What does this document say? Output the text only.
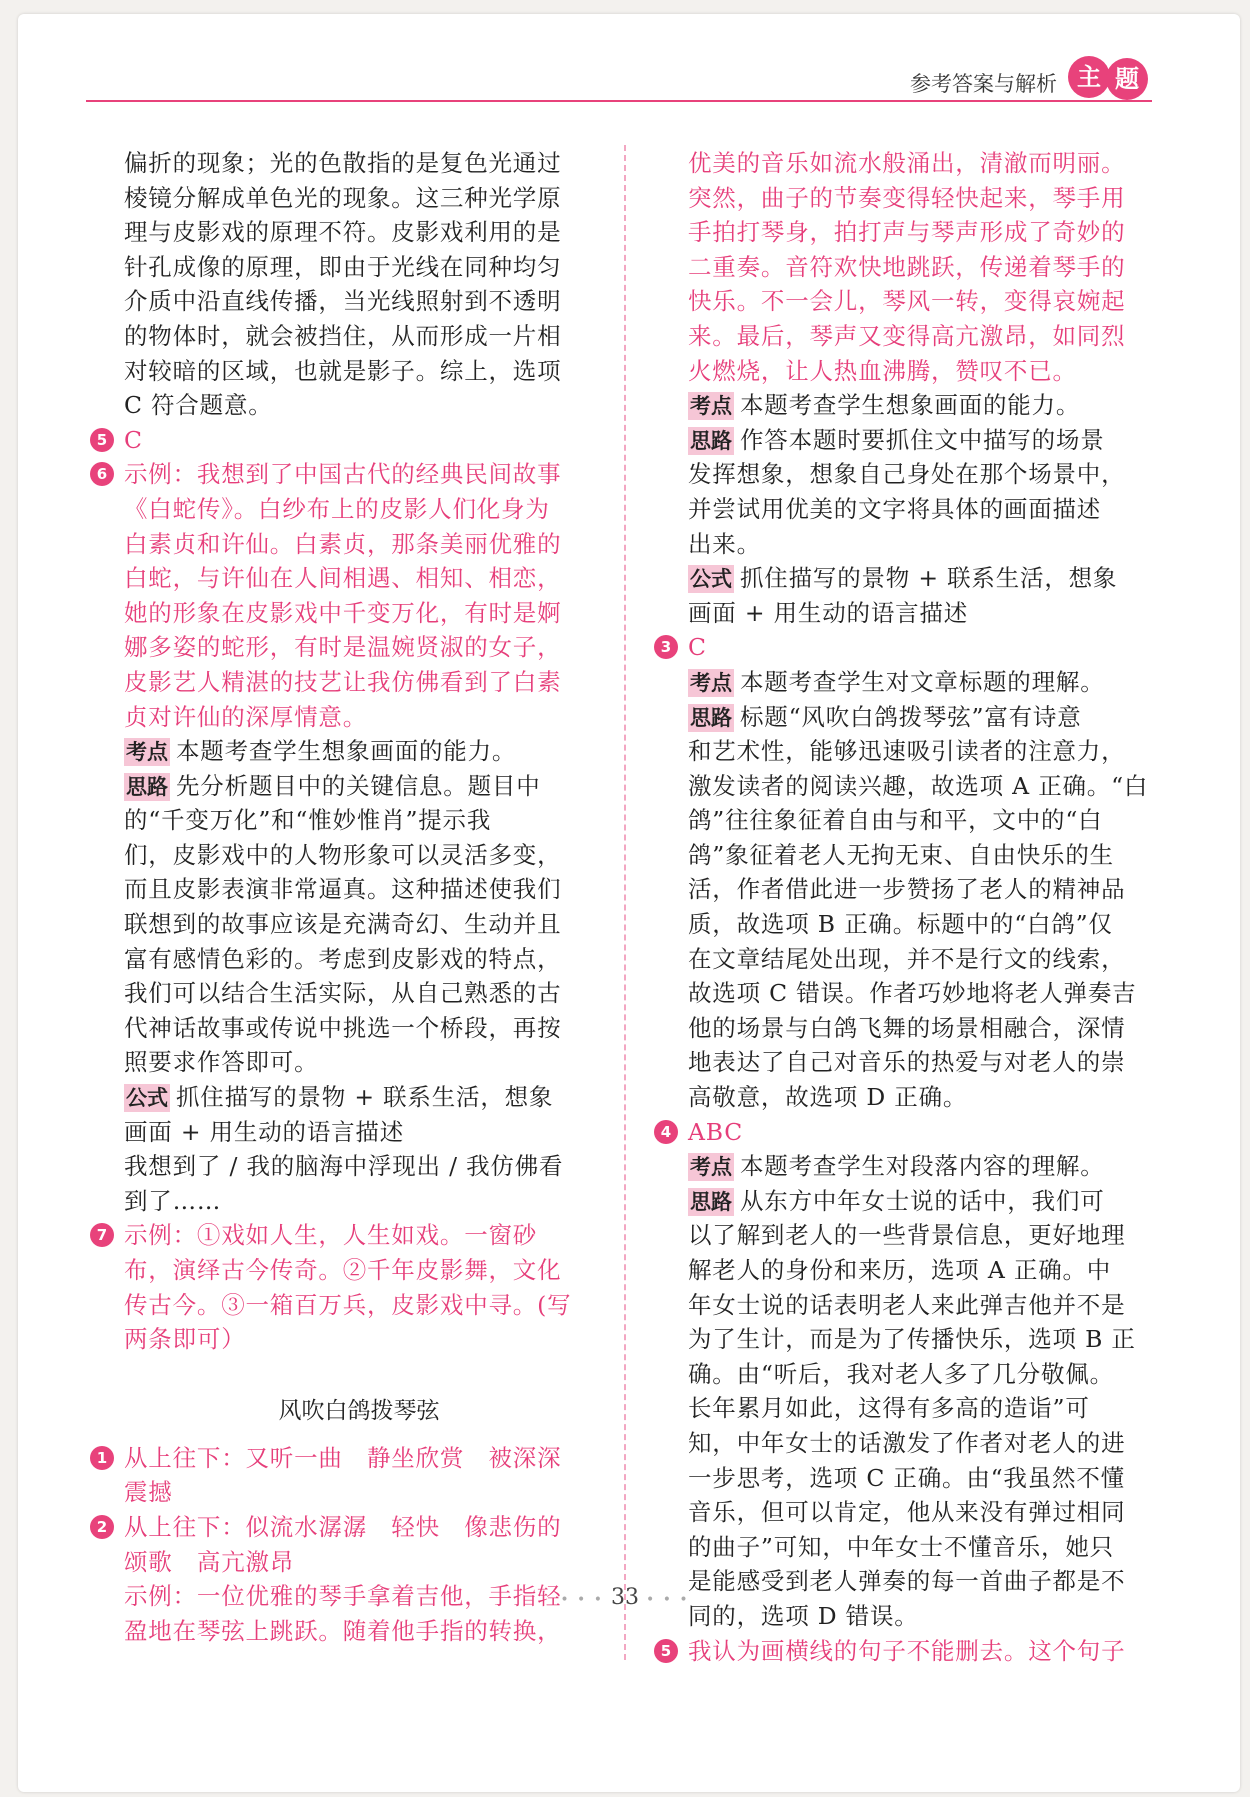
参考答案与解析 主 题
偏折的现象；光的色散指的是复色光通过
棱镜分解成单色光的现象。这三种光学原
理与皮影戏的原理不符。皮影戏利用的是
针孔成像的原理，即由于光线在同种均匀
介质中沿直线传播，当光线照射到不透明
的物体时，就会被挡住，从而形成一片相
对较暗的区域，也就是影子。综上，选项
C 符合题意。
5 C
6 示例：我想到了中国古代的经典民间故事
《白蛇传》。白纱布上的皮影人们化身为
白素贞和许仙。白素贞，那条美丽优雅的
白蛇，与许仙在人间相遇、相知、相恋，
她的形象在皮影戏中千变万化，有时是婀
娜多姿的蛇形，有时是温婉贤淑的女子，
皮影艺人精湛的技艺让我仿佛看到了白素
贞对许仙的深厚情意。
考点 本题考查学生想象画面的能力。
思路 先分析题目中的关键信息。题目中
的“千变万化”和“惟妙惟肖”提示我
们，皮影戏中的人物形象可以灵活多变，
而且皮影表演非常逼真。这种描述使我们
联想到的故事应该是充满奇幻、生动并且
富有感情色彩的。考虑到皮影戏的特点，
我们可以结合生活实际，从自己熟悉的古
代神话故事或传说中挑选一个桥段，再按
照要求作答即可。
公式 抓住描写的景物 + 联系生活，想象
画面 + 用生动的语言描述
我想到了 / 我的脑海中浮现出 / 我仿佛看
到了……
7 示例：①戏如人生，人生如戏。一窗砂
布，演绎古今传奇。②千年皮影舞，文化
传古今。③一箱百万兵，皮影戏中寻。(写
两条即可）
风吹白鸽拨琴弦
1 从上往下：又听一曲　静坐欣赏　被深深
震撼
2 从上往下：似流水潺潺　轻快　像悲伤的
颂歌　高亢激昂
示例：一位优雅的琴手拿着吉他，手指轻
盈地在琴弦上跳跃。随着他手指的转换，
优美的音乐如流水般涌出，清澈而明丽。
突然，曲子的节奏变得轻快起来，琴手用
手拍打琴身，拍打声与琴声形成了奇妙的
二重奏。音符欢快地跳跃，传递着琴手的
快乐。不一会儿，琴风一转，变得哀婉起
来。最后，琴声又变得高亢激昂，如同烈
火燃烧，让人热血沸腾，赞叹不已。
考点 本题考查学生想象画面的能力。
思路 作答本题时要抓住文中描写的场景
发挥想象，想象自己身处在那个场景中，
并尝试用优美的文字将具体的画面描述
出来。
公式 抓住描写的景物 + 联系生活，想象
画面 + 用生动的语言描述
3 C
考点 本题考查学生对文章标题的理解。
思路 标题“风吹白鸽拨琴弦”富有诗意
和艺术性，能够迅速吸引读者的注意力，
激发读者的阅读兴趣，故选项 A 正确。“白
鸽”往往象征着自由与和平，文中的“白
鸽”象征着老人无拘无束、自由快乐的生
活，作者借此进一步赞扬了老人的精神品
质，故选项 B 正确。标题中的“白鸽”仅
在文章结尾处出现，并不是行文的线索，
故选项 C 错误。作者巧妙地将老人弹奏吉
他的场景与白鸽飞舞的场景相融合，深情
地表达了自己对音乐的热爱与对老人的崇
高敬意，故选项 D 正确。
4 ABC
考点 本题考查学生对段落内容的理解。
思路 从东方中年女士说的话中，我们可
以了解到老人的一些背景信息，更好地理
解老人的身份和来历，选项 A 正确。中
年女士说的话表明老人来此弹吉他并不是
为了生计，而是为了传播快乐，选项 B 正
确。由“听后，我对老人多了几分敬佩。
长年累月如此，这得有多高的造诣”可
知，中年女士的话激发了作者对老人的进
一步思考，选项 C 正确。由“我虽然不懂
音乐，但可以肯定，他从来没有弹过相同
的曲子”可知，中年女士不懂音乐，她只
是能感受到老人弹奏的每一首曲子都是不
同的，选项 D 错误。
5 我认为画横线的句子不能删去。这个句子
• • • 33 • • •
